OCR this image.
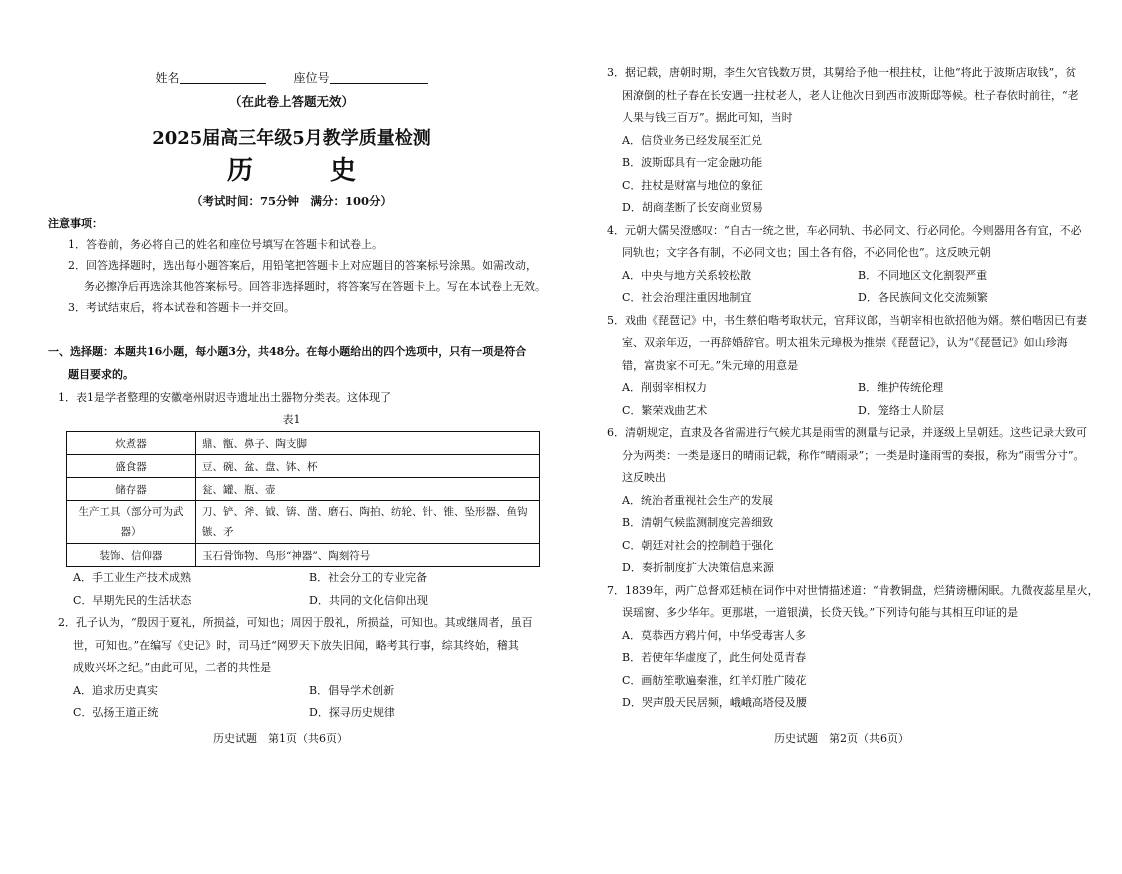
姓名	座位号
（在此卷上答题无效）
2025届高三年级5月教学质量检测
历 史
（考试时间：75分钟　满分：100分）
注意事项：
1．答卷前，务必将自己的姓名和座位号填写在答题卡和试卷上。
2．回答选择题时，选出每小题答案后，用铅笔把答题卡上对应题目的答案标号涂黑。如需改动，
务必擦净后再选涂其他答案标号。回答非选择题时，将答案写在答题卡上。写在本试卷上无效。
3．考试结束后，将本试卷和答题卡一并交回。
一、选择题：本题共16小题，每小题3分，共48分。在每小题给出的四个选项中，只有一项是符合
题目要求的。
1．表1是学者整理的安徽亳州尉迟寺遗址出土器物分类表。这体现了
表1
炊煮器	鼎、甑、鼻子、陶支脚
盛食器	豆、碗、盆、盘、钵、杯
储存器	瓮、罐、瓶、壶
生产工具（部分可为武器）	刀、铲、斧、钺、锛、凿、磨石、陶拍、纺轮、针、锥、坠形器、鱼钩镞、矛
装饰、信仰器	玉石骨饰物、鸟形“神器”、陶刻符号
A．手工业生产技术成熟	B．社会分工的专业完备
C．早期先民的生活状态	D．共同的文化信仰出现
2．孔子认为，“殷因于夏礼，所损益，可知也；周因于殷礼，所损益，可知也。其或继周者，虽百
世，可知也。”在编写《史记》时，司马迁“网罗天下放失旧闻，略考其行事，综其终始，稽其
成败兴坏之纪。”由此可见，二者的共性是
A．追求历史真实	B．倡导学术创新
C．弘扬王道正统	D．探寻历史规律
历史试题　第1页（共6页）
3．据记载，唐朝时期，李生欠官钱数万贯，其舅给予他一根拄杖，让他“将此于波斯店取钱”，贫
困潦倒的杜子春在长安遇一拄杖老人，老人让他次日到西市波斯邸等候。杜子春依时前往，“老
人果与钱三百万”。据此可知，当时
A．信贷业务已经发展至汇兑
B．波斯邸具有一定金融功能
C．拄杖是财富与地位的象征
D．胡商垄断了长安商业贸易
4．元朝大儒吴澄感叹：“自古一统之世，车必同轨、书必同文、行必同伦。今则器用各有宜，不必
同轨也；文字各有制，不必同文也；国土各有俗，不必同伦也”。这反映元朝
A．中央与地方关系较松散	B．不同地区文化割裂严重
C．社会治理注重因地制宜	D．各民族间文化交流频繁
5．戏曲《琵琶记》中，书生蔡伯喈考取状元，官拜议郎，当朝宰相也欲招他为婿。蔡伯喈因已有妻
室、双亲年迈，一再辞婚辞官。明太祖朱元璋极为推崇《琵琶记》，认为“《琵琶记》如山珍海
错，富贵家不可无。”朱元璋的用意是
A．削弱宰相权力	B．维护传统伦理
C．繁荣戏曲艺术	D．笼络士人阶层
6．清朝规定，直隶及各省需进行气候尤其是雨雪的测量与记录，并逐级上呈朝廷。这些记录大致可
分为两类：一类是逐日的晴雨记载，称作“晴雨录”；一类是时逢雨雪的奏报，称为“雨雪分寸”。
这反映出
A．统治者重视社会生产的发展
B．清朝气候监测制度完善细致
C．朝廷对社会的控制趋于强化
D．奏折制度扩大决策信息来源
7．1839年，两广总督邓廷桢在词作中对世情描述道：“肯教铜盘，烂猜谤栅闲眠。九微夜蕊星星火，
误瑶窗、多少华年。更那堪，一道银潢，长贷天钱。”下列诗句能与其相互印证的是
A．莫恭西方鸦片何，中华受毒害人多
B．若使年华虚度了，此生何处觅青春
C．画舫笙歌遍秦淮，红羊灯胜广陵花
D．哭声殷天民居频，峨峨高塔侵及腰
历史试题　第2页（共6页）
